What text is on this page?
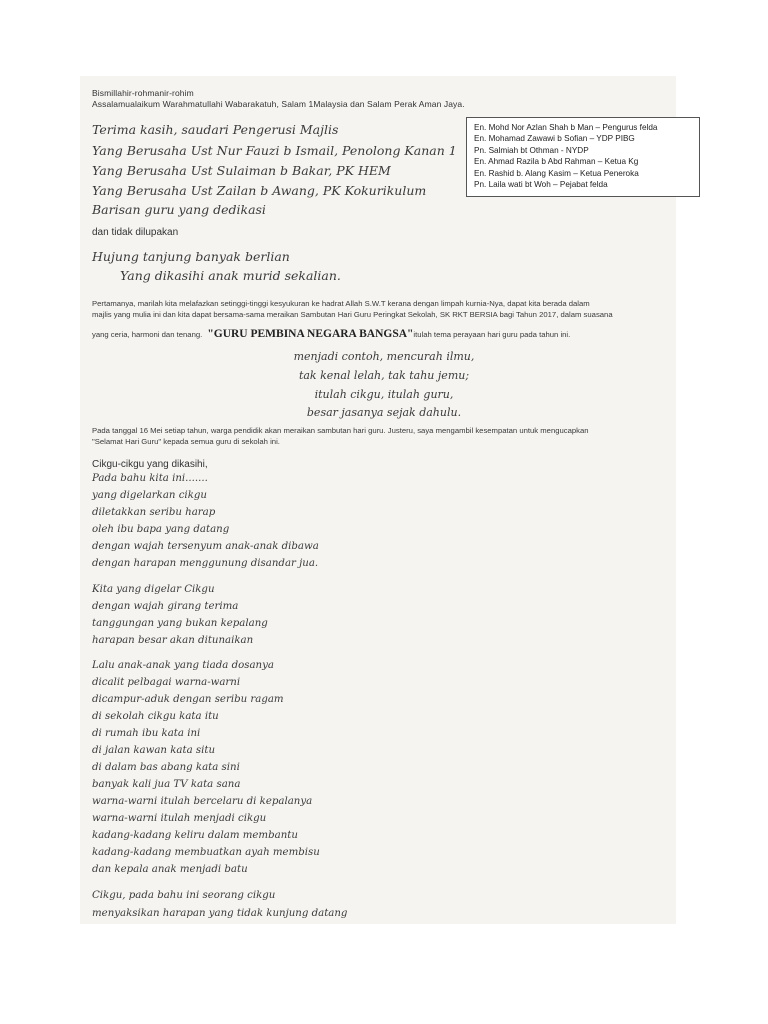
Bismillahir-rohmanir-rohim
Assalamualaikum Warahmatullahi Wabarakatuh, Salam 1Malaysia dan Salam Perak Aman Jaya.
Terima kasih, saudari Pengerusi Majlis
Yang Berusaha Ust Nur Fauzi b Ismail, Penolong Kanan 1
Yang Berusaha Ust Sulaiman b Bakar, PK HEM
Yang Berusaha Ust Zailan b Awang, PK Kokurikulum
Barisan guru yang dedikasi
dan tidak dilupakan
Hujung tanjung banyak berlian
Yang dikasihi anak murid sekalian.
En. Mohd Nor Azlan Shah b Man – Pengurus felda
En. Mohamad Zawawi b Sofian – YDP PIBG
Pn. Salmiah bt Othman - NYDP
En. Ahmad Razila b Abd Rahman – Ketua Kg
En. Rashid b. Alang Kasim – Ketua Peneroka
Pn. Laila wati bt Woh – Pejabat felda
Pertamanya, marilah kita melafazkan setinggi-tinggi kesyukuran ke hadrat Allah S.W.T kerana dengan limpah kurnia-Nya, dapat kita berada dalam
majlis yang mulia ini dan kita dapat bersama-sama meraikan Sambutan Hari Guru Peringkat Sekolah, SK RKT BERSIA bagi Tahun 2017, dalam suasana
yang ceria, harmoni dan tenang. "GURU PEMBINA NEGARA BANGSA"itulah tema perayaan hari guru pada tahun ini.
menjadi contoh, mencurah ilmu,
tak kenal lelah, tak tahu jemu;
itulah cikgu, itulah guru,
besar jasanya sejak dahulu.
Pada tanggal 16 Mei setiap tahun, warga pendidik akan meraikan sambutan hari guru. Justeru, saya mengambil kesempatan untuk mengucapkan
"Selamat Hari Guru" kepada semua guru di sekolah ini.
Cikgu-cikgu yang dikasihi,
Pada bahu kita ini.......
yang digelarkan cikgu
diletakkan seribu harap
oleh ibu bapa yang datang
dengan wajah tersenyum anak-anak dibawa
dengan harapan menggunung disandar jua.
Kita yang digelar Cikgu
dengan wajah girang terima
tanggungan yang bukan kepalang
harapan besar akan ditunaikan
Lalu anak-anak yang tiada dosanya
dicalit pelbagai warna-warni
dicampur-aduk dengan seribu ragam
di sekolah cikgu kata itu
di rumah ibu kata ini
di jalan kawan kata situ
di dalam bas abang kata sini
banyak kali jua TV kata sana
warna-warni itulah bercelaru di kepalanya
warna-warni itulah menjadi cikgu
kadang-kadang keliru dalam membantu
kadang-kadang membuatkan ayah membisu
dan kepala anak menjadi batu
Cikgu, pada bahu ini seorang cikgu
menyaksikan harapan yang tidak kunjung datang
